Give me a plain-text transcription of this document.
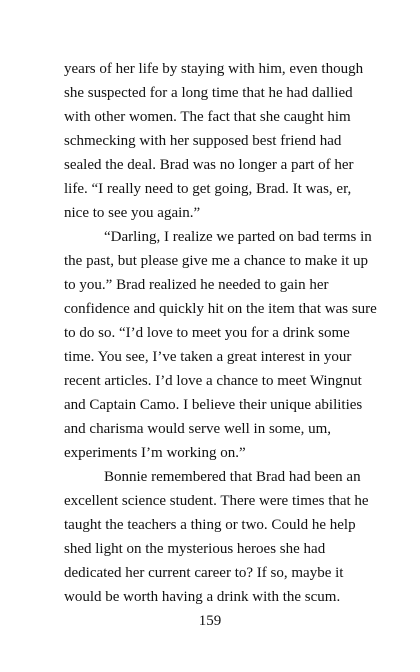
years of her life by staying with him, even though
she suspected for a long time that he had dallied
with other women. The fact that she caught him
schmecking with her supposed best friend had
sealed the deal. Brad was no longer a part of her
life. “I really need to get going, Brad. It was, er,
nice to see you again.”
“Darling, I realize we parted on bad terms in
the past, but please give me a chance to make it up
to you.” Brad realized he needed to gain her
confidence and quickly hit on the item that was sure
to do so. “I’d love to meet you for a drink some
time. You see, I’ve taken a great interest in your
recent articles. I’d love a chance to meet Wingnut
and Captain Camo. I believe their unique abilities
and charisma would serve well in some, um,
experiments I’m working on.”
Bonnie remembered that Brad had been an
excellent science student. There were times that he
taught the teachers a thing or two. Could he help
shed light on the mysterious heroes she had
dedicated her current career to? If so, maybe it
would be worth having a drink with the scum.
159
